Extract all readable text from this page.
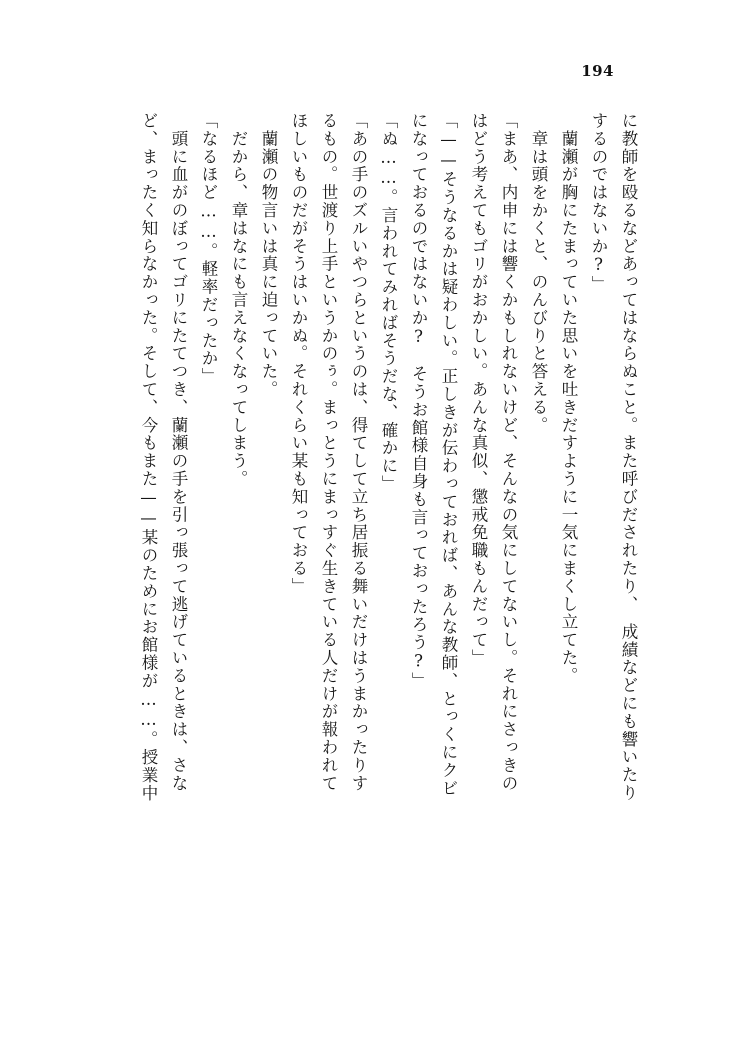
194
に教師を殴るなどあってはならぬこと。また呼びだされたり、　成績などにも響いたり
するのではないか?」
　蘭瀬が胸にたまっていた思いを吐きだすように一気にまくし立てた。
　章は頭をかくと、のんびりと答える。
「まあ、内申には響くかもしれないけど、そんなの気にしてないし。それにさっきの
はどう考えてもゴリがおかしい。あんな真似、懲戒免職もんだって」
「——そうなるかは疑わしい。正しきが伝わっておれば、あんな教師、とっくにクビ
になっておるのではないか?　そうお館様自身も言っておったろう?」
「ぬ……。言われてみればそうだな、確かに」
「あの手のズルいやつらというのは、得てして立ち居振る舞いだけはうまかったりす
るもの。世渡り上手というかのぅ。まっとうにまっすぐ生きている人だけが報われて
ほしいものだがそうはいかぬ。それくらい某も知っておる」
　蘭瀬の物言いは真に迫っていた。
　だから、章はなにも言えなくなってしまう。
「なるほど……。軽率だったか」
　頭に血がのぼってゴリにたてつき、蘭瀬の手を引っ張って逃げているときは、さな
ど、まったく知らなかった。そして、今もまた——某のためにお館様が……。授業中
